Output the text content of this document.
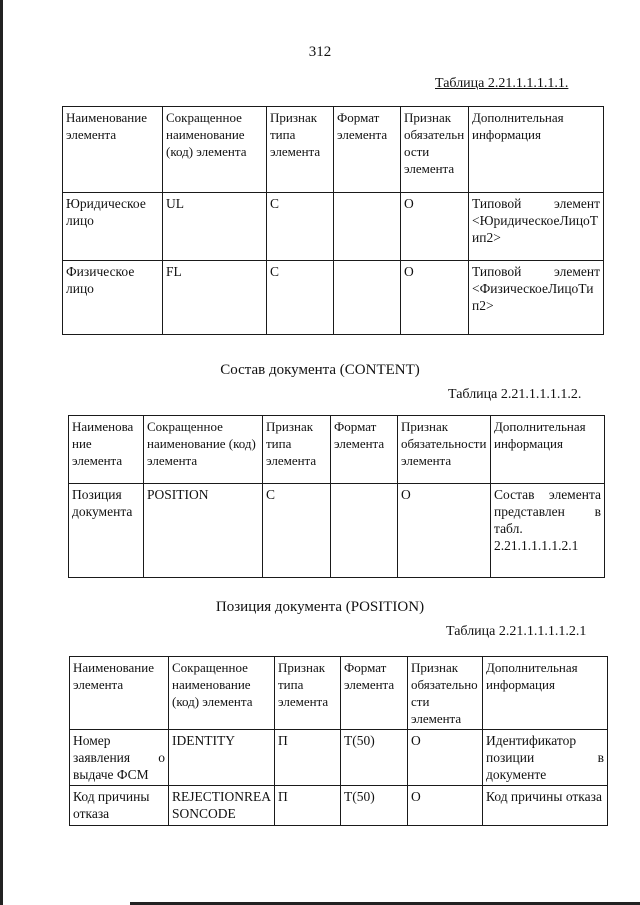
312
Таблица 2.21.1.1.1.1.1.
Наименование элемента	Сокращенное наименование (код) элемента	Признак типа элемента	Формат элемента	Признак обязательности элемента	Дополнительная информация
Юридическое лицо	UL	С		О	Типовой элемент <ЮридическоеЛицоТип2>
Физическое лицо	FL	С		О	Типовой элемент <ФизическоеЛицоТип2>
Состав документа (CONTENT)
Таблица 2.21.1.1.1.1.2.
Наименование элемента	Сокращенное наименование (код) элемента	Признак типа элемента	Формат элемента	Признак обязательности элемента	Дополнительная информация
Позиция документа	POSITION	С		О	Состав элемента представлен в табл. 2.21.1.1.1.1.2.1
Позиция документа (POSITION)
Таблица 2.21.1.1.1.1.2.1
Наименование элемента	Сокращенное наименование (код) элемента	Признак типа элемента	Формат элемента	Признак обязательности элемента	Дополнительная информация
Номер заявления о выдаче ФСМ	IDENTITY	П	T(50)	О	Идентификатор позиции в документе
Код причины отказа	REJECTIONREASONCODE	П	T(50)	О	Код причины отказа
